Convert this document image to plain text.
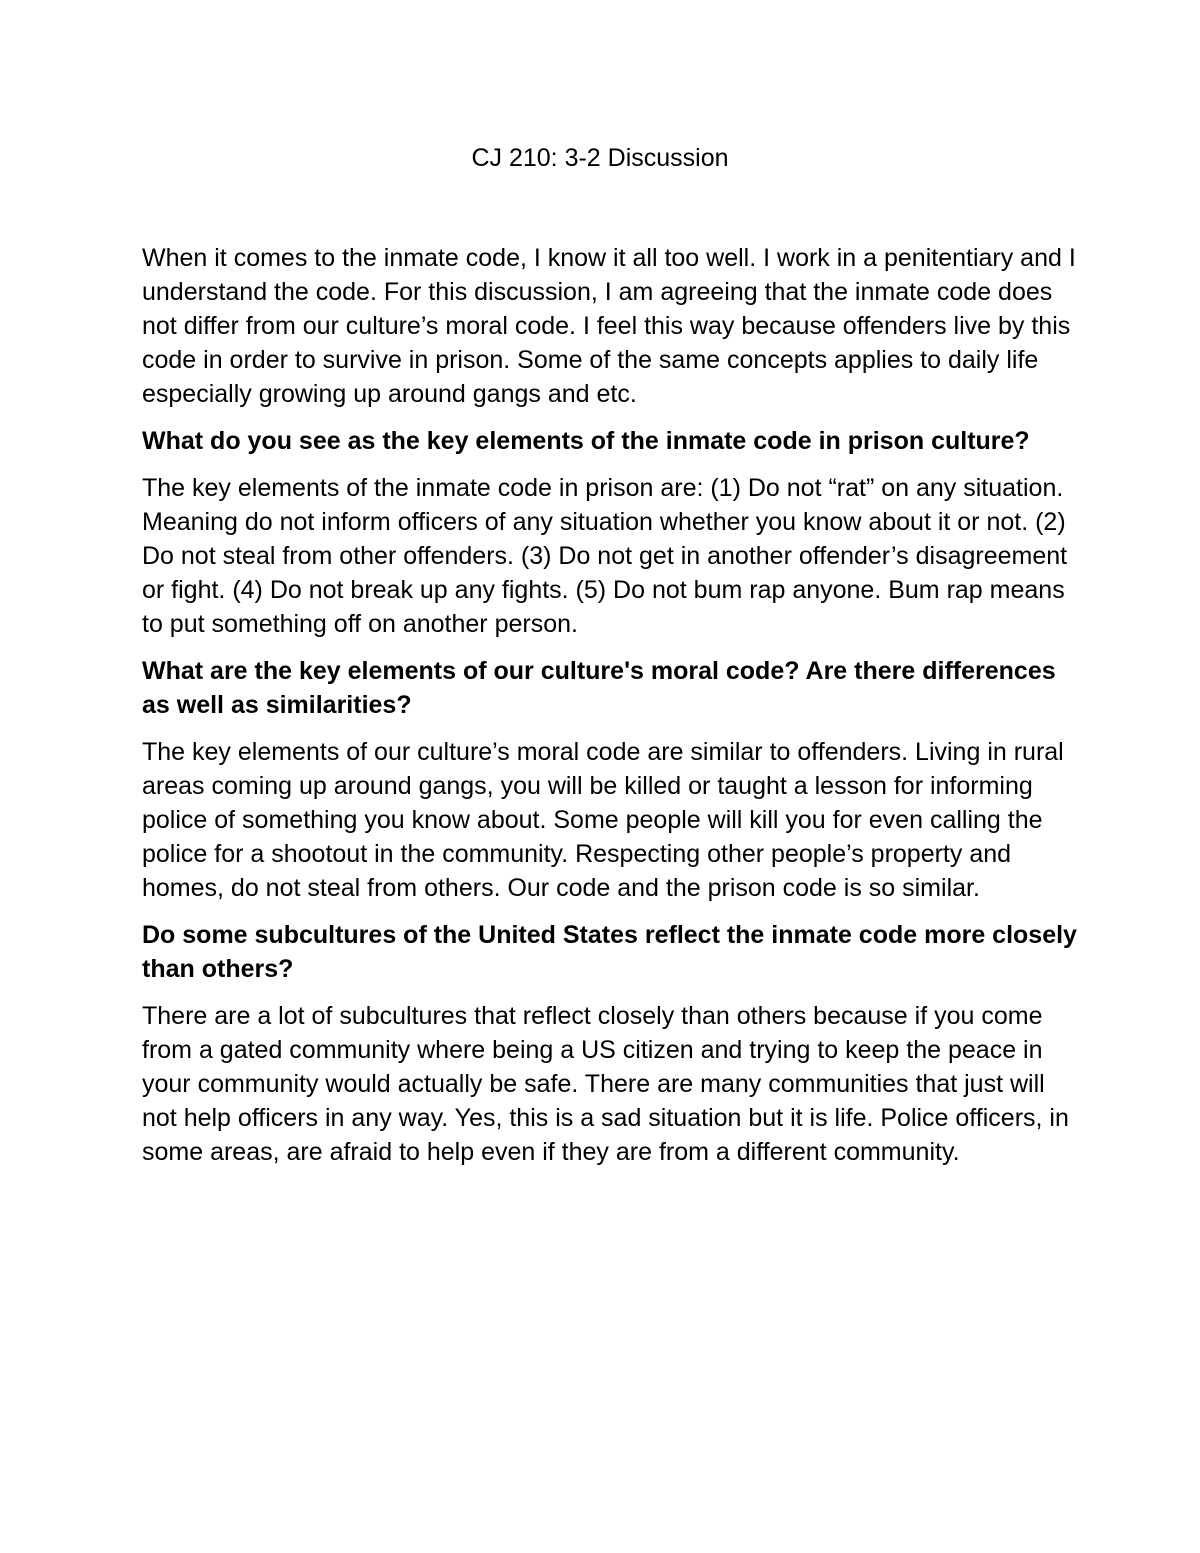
CJ 210: 3-2 Discussion

When it comes to the inmate code, I know it all too well. I work in a penitentiary and I understand the code. For this discussion, I am agreeing that the inmate code does not differ from our culture’s moral code. I feel this way because offenders live by this code in order to survive in prison. Some of the same concepts applies to daily life especially growing up around gangs and etc.

What do you see as the key elements of the inmate code in prison culture?

The key elements of the inmate code in prison are: (1) Do not “rat” on any situation. Meaning do not inform officers of any situation whether you know about it or not. (2) Do not steal from other offenders. (3) Do not get in another offender’s disagreement or fight. (4) Do not break up any fights. (5) Do not bum rap anyone. Bum rap means to put something off on another person.

What are the key elements of our culture's moral code? Are there differences as well as similarities?

The key elements of our culture’s moral code are similar to offenders. Living in rural areas coming up around gangs, you will be killed or taught a lesson for informing police of something you know about. Some people will kill you for even calling the police for a shootout in the community. Respecting other people’s property and homes, do not steal from others. Our code and the prison code is so similar.

Do some subcultures of the United States reflect the inmate code more closely than others?

There are a lot of subcultures that reflect closely than others because if you come from a gated community where being a US citizen and trying to keep the peace in your community would actually be safe. There are many communities that just will not help officers in any way. Yes, this is a sad situation but it is life. Police officers, in some areas, are afraid to help even if they are from a different community.
